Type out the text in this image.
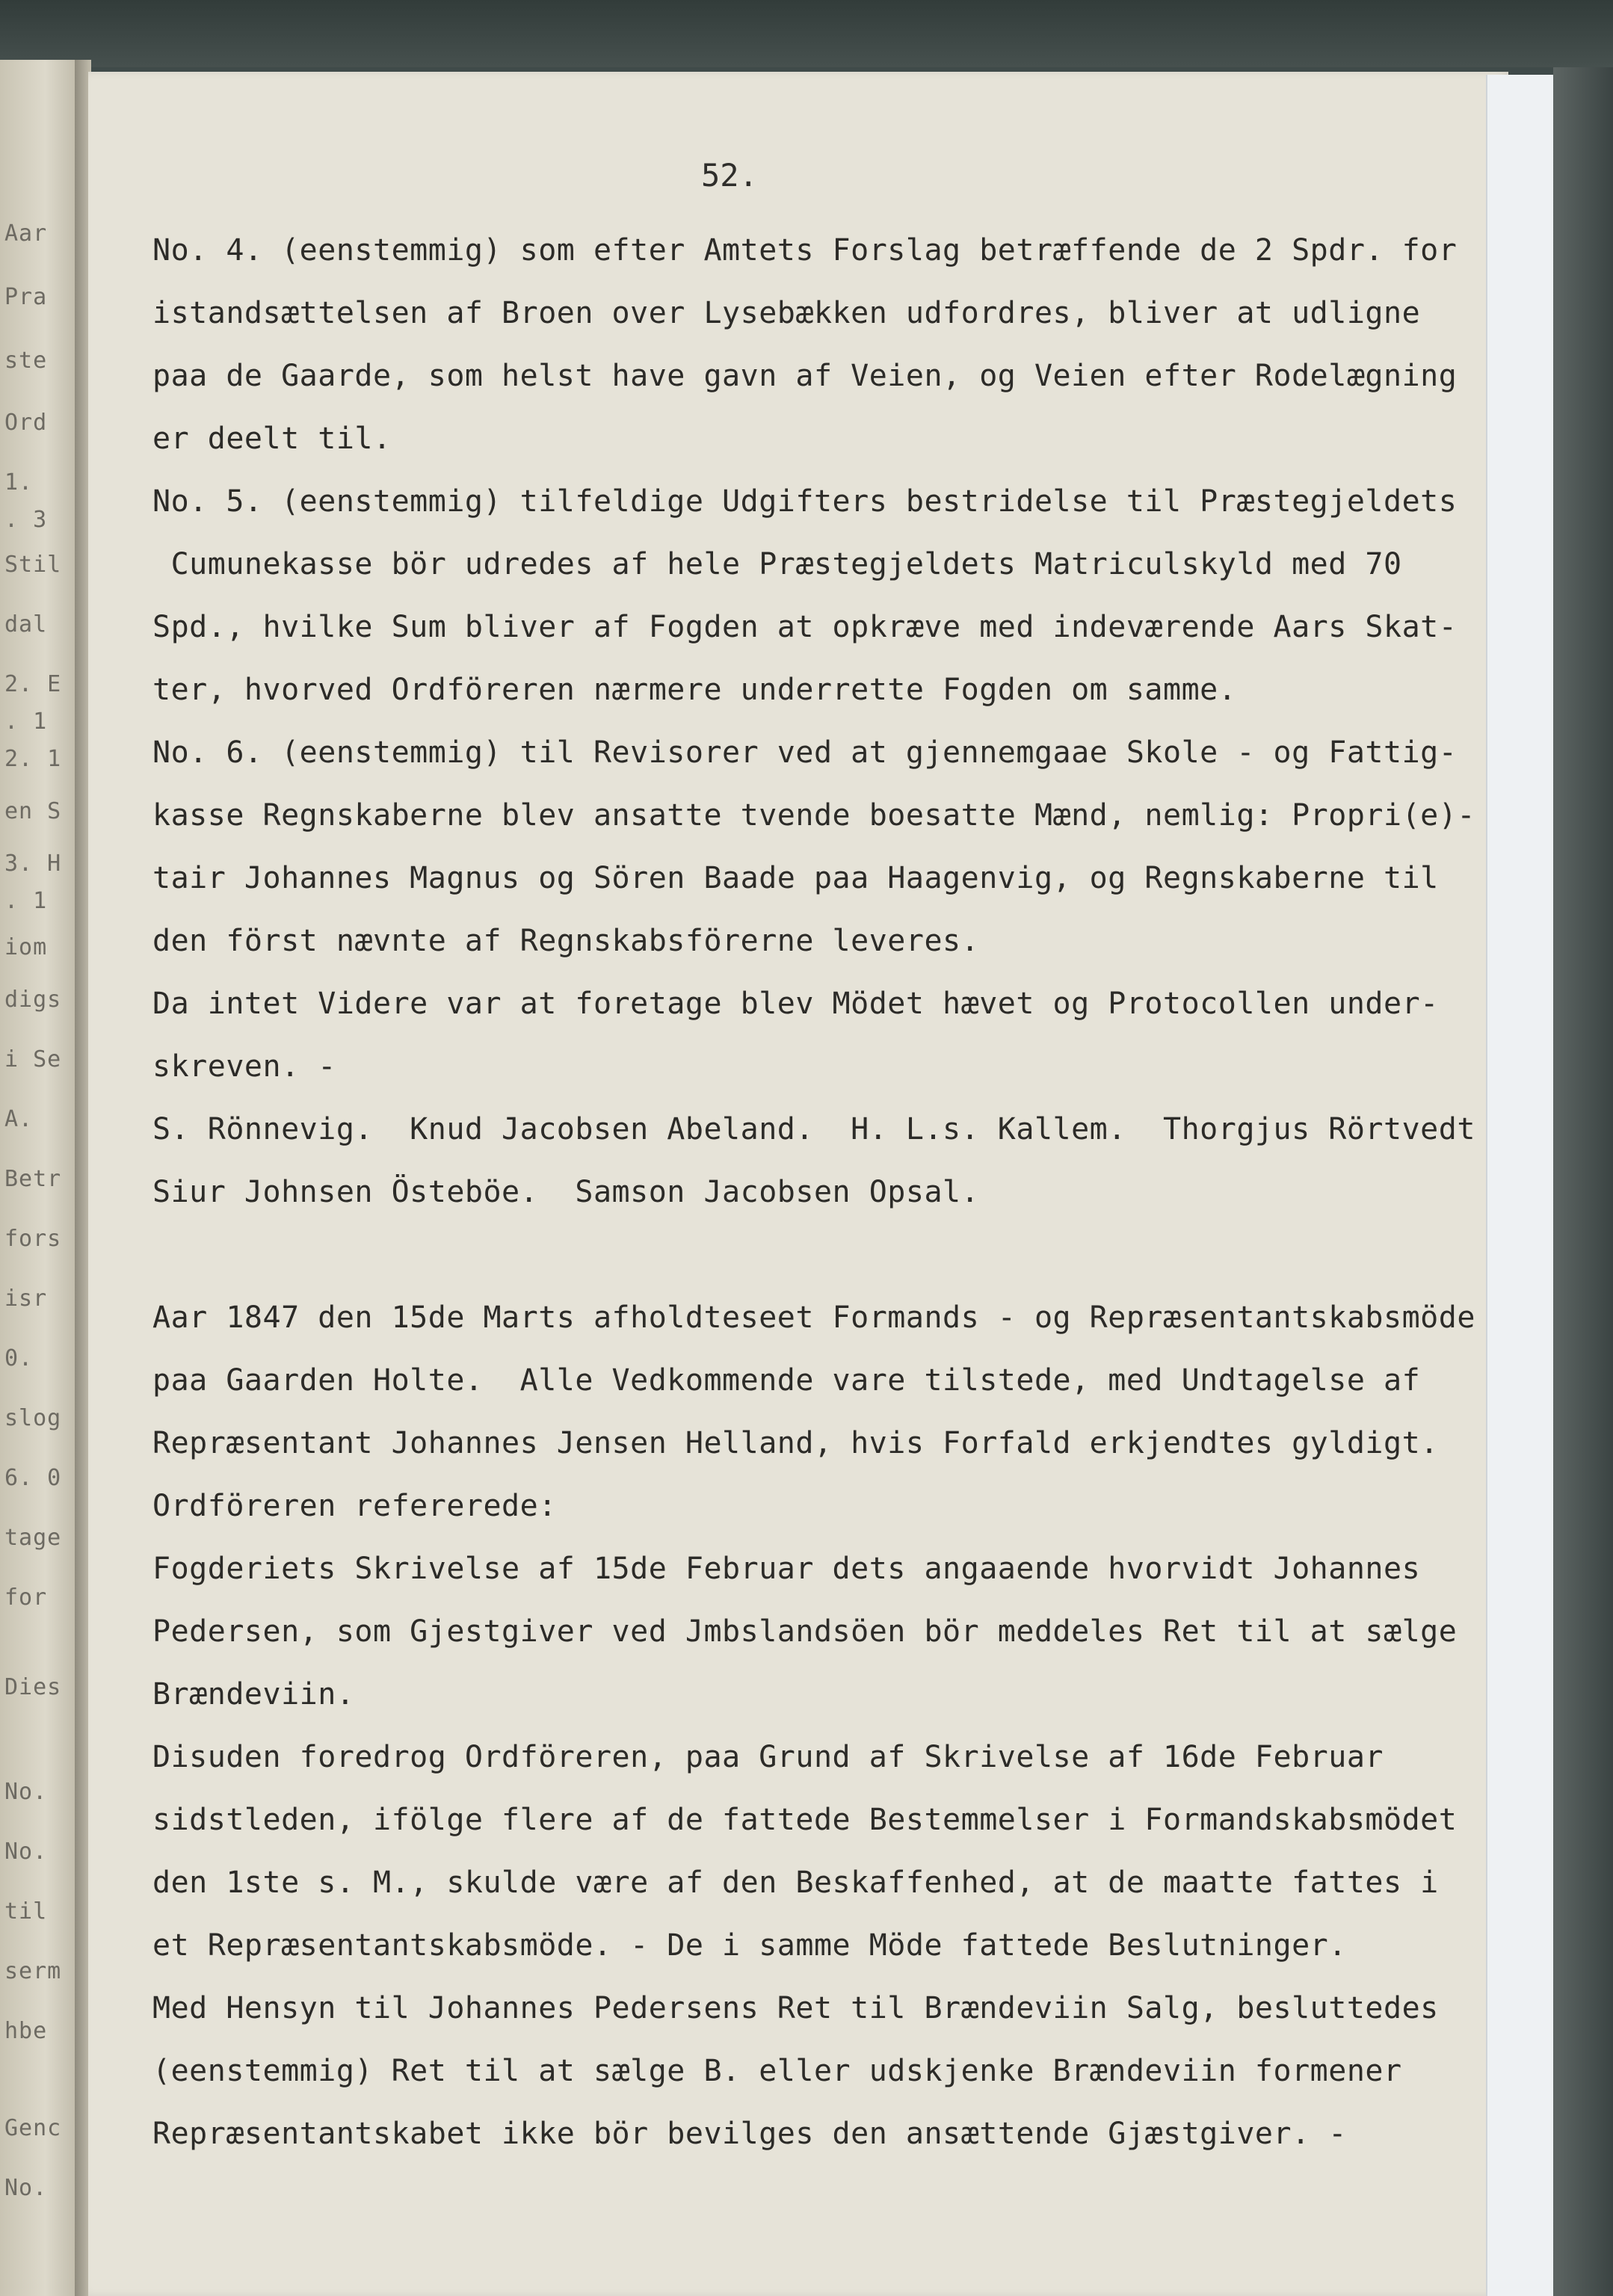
Aar
Pra
ste
Ord
1.
. 3
Stil
dal
2. E
. 1
2. 1
en S
3. H
. 1
iom
digs
i Se
A.
Betr
fors
isr
0.
slog
6. 0
tage
for
Dies
No.
No.
til
serm
hbe
Genc
No.
52.
No. 4. (eenstemmig) som efter Amtets Forslag betræffende de 2 Spdr. for
istandsættelsen af Broen over Lysebækken udfordres, bliver at udligne
paa de Gaarde, som helst have gavn af Veien, og Veien efter Rodelægning
er deelt til.
No. 5. (eenstemmig) tilfeldige Udgifters bestridelse til Præstegjeldets
Cumunekasse bör udredes af hele Præstegjeldets Matriculskyld med 70
Spd., hvilke Sum bliver af Fogden at opkræve med indeværende Aars Skat-
ter, hvorved Ordföreren nærmere underrette Fogden om samme.
No. 6. (eenstemmig) til Revisorer ved at gjennemgaae Skole - og Fattig-
kasse Regnskaberne blev ansatte tvende boesatte Mænd, nemlig: Propri(e)-
tair Johannes Magnus og Sören Baade paa Haagenvig, og Regnskaberne til
den först nævnte af Regnskabsförerne leveres.
Da intet Videre var at foretage blev Mödet hævet og Protocollen under-
skreven. -
S. Rönnevig.  Knud Jacobsen Abeland.  H. L.s. Kallem.  Thorgjus Rörtvedt
Siur Johnsen Östeböe.  Samson Jacobsen Opsal.
Aar 1847 den 15de Marts afholdteseet Formands - og Repræsentantskabsmöde
paa Gaarden Holte.  Alle Vedkommende vare tilstede, med Undtagelse af
Repræsentant Johannes Jensen Helland, hvis Forfald erkjendtes gyldigt.
Ordföreren refererede:
Fogderiets Skrivelse af 15de Februar dets angaaende hvorvidt Johannes
Pedersen, som Gjestgiver ved Jmbslandsöen bör meddeles Ret til at sælge
Brændeviin.
Disuden foredrog Ordföreren, paa Grund af Skrivelse af 16de Februar
sidstleden, ifölge flere af de fattede Bestemmelser i Formandskabsmödet
den 1ste s. M., skulde være af den Beskaffenhed, at de maatte fattes i
et Repræsentantskabsmöde. - De i samme Möde fattede Beslutninger.
Med Hensyn til Johannes Pedersens Ret til Brændeviin Salg, besluttedes
(eenstemmig) Ret til at sælge B. eller udskjenke Brændeviin formener
Repræsentantskabet ikke bör bevilges den ansættende Gjæstgiver. -
